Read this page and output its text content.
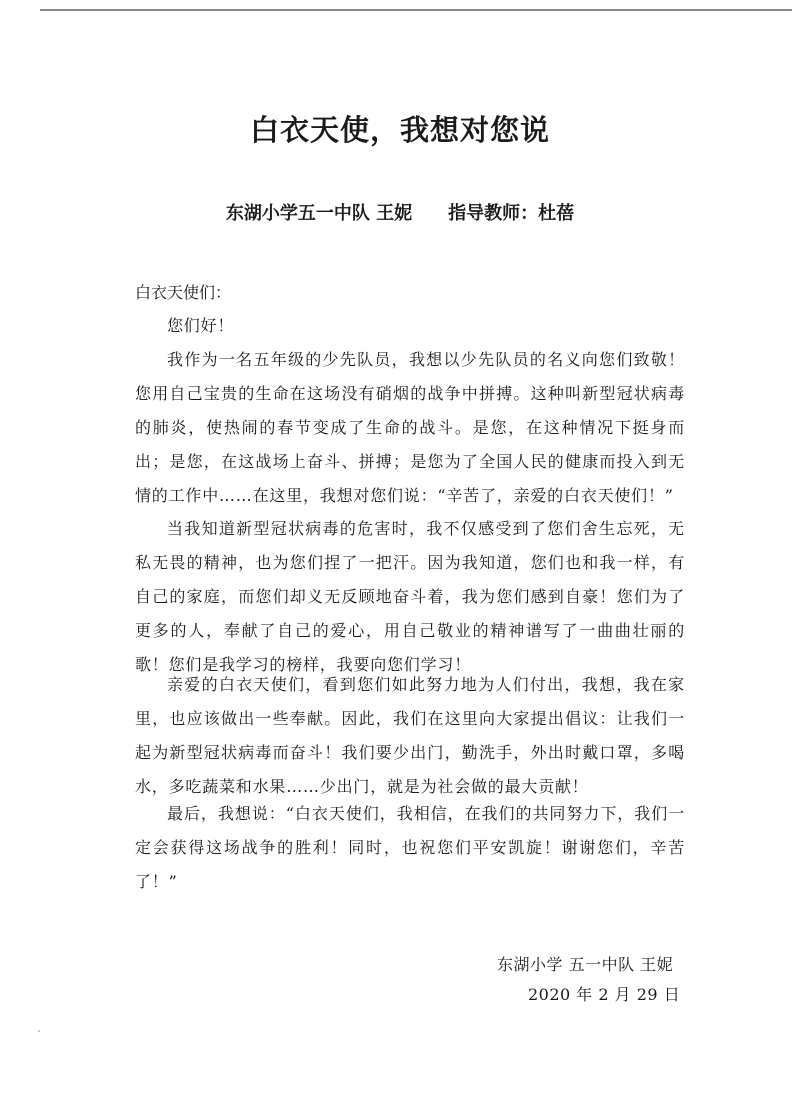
白衣天使，我想对您说
东湖小学五一中队 王妮 指导教师：杜蓓
白衣天使们：

您们好！

我作为一名五年级的少先队员，我想以少先队员的名义向您们致敬！您用自己宝贵的生命在这场没有硝烟的战争中拼搏。这种叫新型冠状病毒的肺炎，使热闹的春节变成了生命的战斗。是您，在这种情况下挺身而出；是您，在这战场上奋斗、拼搏；是您为了全国人民的健康而投入到无情的工作中……在这里，我想对您们说：“辛苦了，亲爱的白衣天使们！”

当我知道新型冠状病毒的危害时，我不仅感受到了您们舍生忘死，无私无畏的精神，也为您们捏了一把汗。因为我知道，您们也和我一样，有自己的家庭，而您们却义无反顾地奋斗着，我为您们感到自豪！您们为了更多的人，奉献了自己的爱心，用自己敬业的精神谱写了一曲曲壮丽的歌！您们是我学习的榜样，我要向您们学习！

亲爱的白衣天使们，看到您们如此努力地为人们付出，我想，我在家里，也应该做出一些奉献。因此，我们在这里向大家提出倡议：让我们一起为新型冠状病毒而奋斗！我们要少出门，勤洗手，外出时戴口罩，多喝水，多吃蔬菜和水果……少出门，就是为社会做的最大贡献！

最后，我想说：“白衣天使们，我相信，在我们的共同努力下，我们一定会获得这场战争的胜利！同时，也祝您们平安凯旋！谢谢您们，辛苦了！”

东湖小学 五一中队 王妮
2020 年 2 月 29 日
